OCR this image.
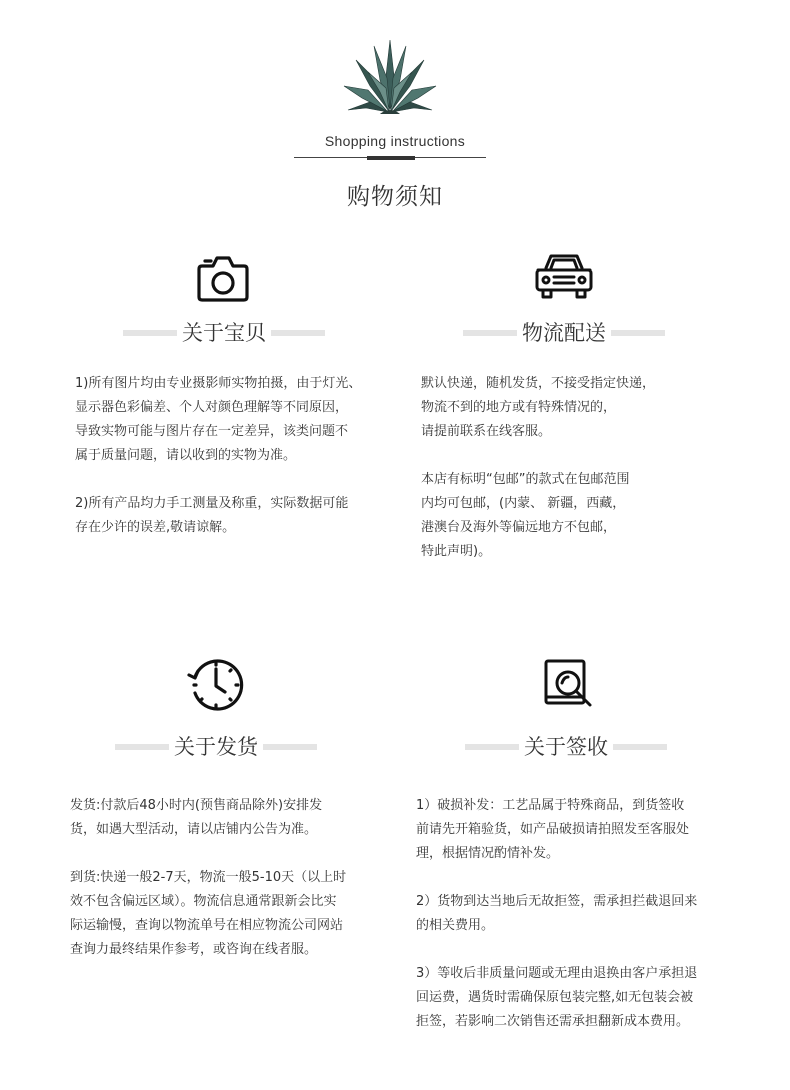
Shopping instructions
购物须知
关于宝贝
1)所有图片均由专业摄影师实物拍摄，由于灯光、
显示器色彩偏差、个人对颜色理解等不同原因，
导致实物可能与图片存在一定差异，该类问题不
属于质量问题，请以收到的实物为准。
2)所有产品均力手工测量及称重，实际数据可能
存在少许的误差,敬请谅解。
物流配送
默认快递，随机发货，不接受指定快递，
物流不到的地方或有特殊情况的，
请提前联系在线客服。
本店有标明“包邮”的款式在包邮范围
内均可包邮，(内蒙、 新疆，西藏，
港澳台及海外等偏远地方不包邮，
特此声明)。
关于发货
发货:付款后48小时内(预售商品除外)安排发
货，如遇大型活动，请以店铺内公告为准。
到货:快递一般2-7天，物流一般5-10天（以上时
效不包含偏远区域）。物流信息通常跟新会比实
际运输慢，查询以物流单号在相应物流公司网站
查询力最终结果作参考，或咨询在线者服。
关于签收
1）破损补发：工艺品属于特殊商品，到货签收
前请先开箱验货，如产品破损请拍照发至客服处
理，根据情况酌情补发。
2）货物到达当地后无故拒签，需承担拦截退回来
的相关费用。
3）等收后非质量问题或无理由退换由客户承担退
回运费，遇货时需确保原包装完整,如无包装会被
拒签，若影响二次销售还需承担翻新成本费用。
